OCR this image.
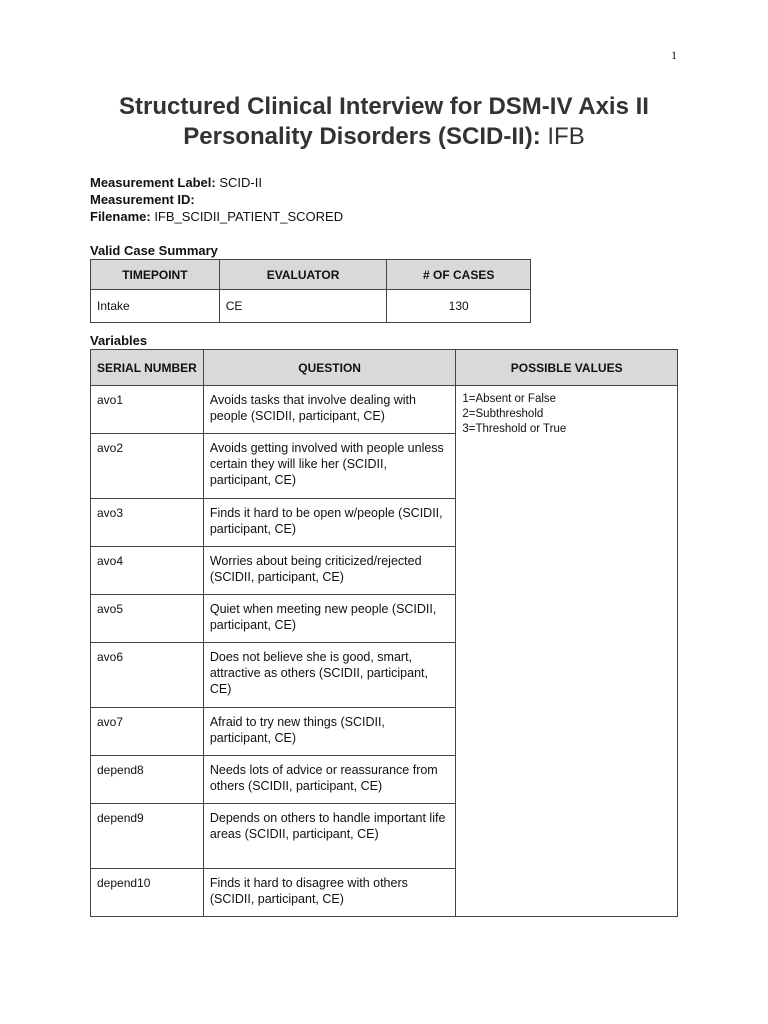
1
Structured Clinical Interview for DSM-IV Axis II Personality Disorders (SCID-II): IFB
Measurement Label: SCID-II
Measurement ID:
Filename: IFB_SCIDII_PATIENT_SCORED
Valid Case Summary
TIMEPOINT	EVALUATOR	# OF CASES
Intake	CE	130
Variables
SERIAL NUMBER	QUESTION	POSSIBLE VALUES
avo1	Avoids tasks that involve dealing with people (SCIDII, participant, CE)	1=Absent or False
2=Subthreshold
3=Threshold or True

avo2	Avoids getting involved with people unless certain they will like her (SCIDII, participant, CE)	
avo3	Finds it hard to be open w/people (SCIDII, participant, CE)	
avo4	Worries about being criticized/rejected (SCIDII, participant, CE)	
avo5	Quiet when meeting new people (SCIDII, participant, CE)	
avo6	Does not believe she is good, smart, attractive as others (SCIDII, participant, CE)	
avo7	Afraid to try new things (SCIDII, participant, CE)	
depend8	Needs lots of advice or reassurance from others (SCIDII, participant, CE)	
depend9	Depends on others to handle important life areas (SCIDII, participant, CE)	
depend10	Finds it hard to disagree with others (SCIDII, participant, CE)	
